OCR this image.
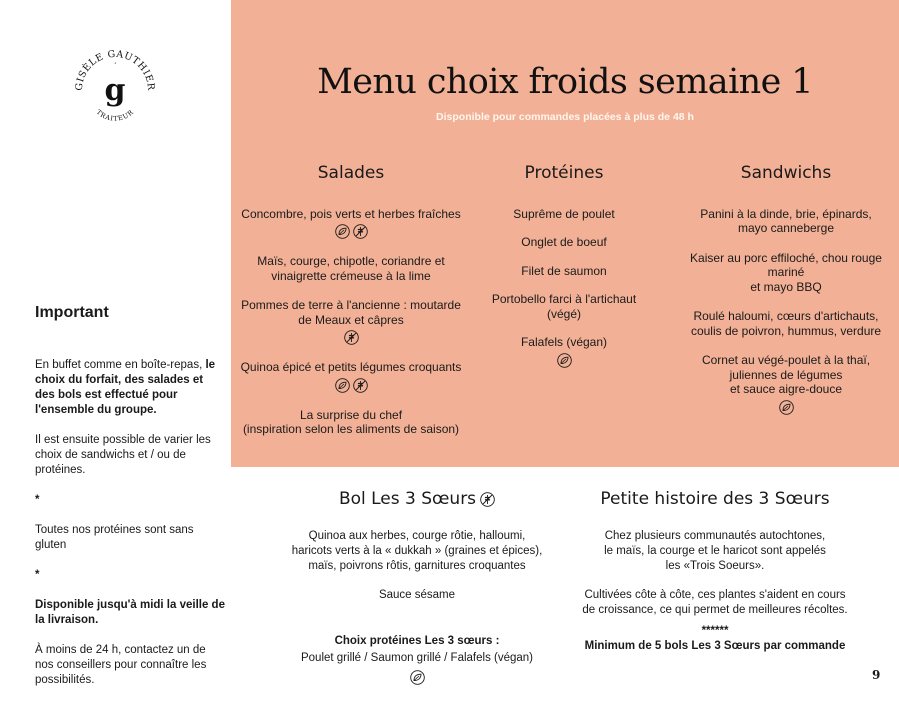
GISÈLE GAUTHIER
g
´
TRAITEUR
Menu choix froids semaine 1
Disponible pour commandes placées à plus de 48 h
Salades
Concombre, pois verts et herbes fraîches
Maïs, courge, chipotle, coriandre et
vinaigrette crémeuse à la lime
Pommes de terre à l'ancienne : moutarde
de Meaux et câpres
Quinoa épicé et petits légumes croquants
La surprise du chef
(inspiration selon les aliments de saison)
Protéines
Suprême de poulet
Onglet de boeuf
Filet de saumon
Portobello farci à l'artichaut
(végé)
Falafels (végan)
Sandwichs
Panini à la dinde, brie, épinards,
mayo canneberge
Kaiser au porc effiloché, chou rouge
mariné
et mayo BBQ
Roulé haloumi, cœurs d'artichauts,
coulis de poivron, hummus, verdure
Cornet au végé-poulet à la thaï,
juliennes de légumes
et sauce aigre-douce
Important

En buffet comme en boîte-repas, le choix du forfait, des salades et des bols est effectué pour l'ensemble du groupe.

Il est ensuite possible de varier les choix de sandwichs et / ou de protéines.

*

Toutes nos protéines sont sans gluten

*

Disponible jusqu'à midi la veille de la livraison.

À moins de 24 h, contactez un de nos conseillers pour connaître les possibilités.

Bol Les 3 Sœurs

Quinoa aux herbes, courge rôtie, halloumi,
haricots verts à la « dukkah » (graines et épices),
maïs, poivrons rôtis, garnitures croquantes

Sauce sésame

Choix protéines Les 3 sœurs :

Poulet grillé / Saumon grillé / Falafels (végan)

Petite histoire des 3 Sœurs

Chez plusieurs communautés autochtones,
le maïs, la courge et le haricot sont appelés
les «Trois Soeurs».

Cultivées côte à côte, ces plantes s'aident en cours
de croissance, ce qui permet de meilleures récoltes.

******

Minimum de 5 bols Les 3 Sœurs par commande

9
